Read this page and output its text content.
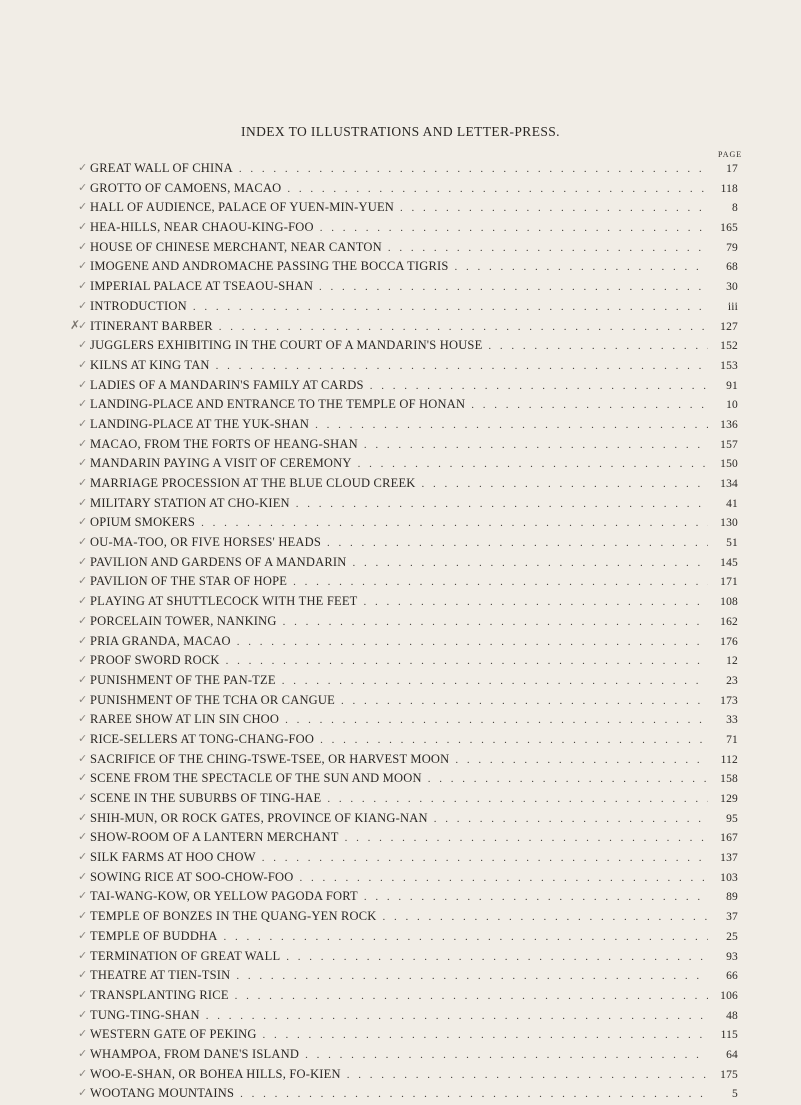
INDEX TO ILLUSTRATIONS AND LETTER-PRESS.
PAGE
✗
✓ GREAT WALL OF CHINA . . .	17
✓ GROTTO OF CAMOENS, MACAO . . .	118
✓ HALL OF AUDIENCE, PALACE OF YUEN-MIN-YUEN . . .	8
✓ HEA-HILLS, NEAR CHAOU-KING-FOO . . .	165
✓ HOUSE OF CHINESE MERCHANT, NEAR CANTON . . .	79
✓ IMOGENE AND ANDROMACHE PASSING THE BOCCA TIGRIS . . .	68
✓ IMPERIAL PALACE AT TSEAOU-SHAN . . .	30
✓ INTRODUCTION . . .	iii
✓ ITINERANT BARBER . . .	127
✓ JUGGLERS EXHIBITING IN THE COURT OF A MANDARIN'S HOUSE . . .	152
✓ KILNS AT KING TAN . . .	153
✓ LADIES OF A MANDARIN'S FAMILY AT CARDS . . .	91
✓ LANDING-PLACE AND ENTRANCE TO THE TEMPLE OF HONAN . . .	10
✓ LANDING-PLACE AT THE YUK-SHAN . . .	136
✓ MACAO, FROM THE FORTS OF HEANG-SHAN . . .	157
✓ MANDARIN PAYING A VISIT OF CEREMONY . . .	150
✓ MARRIAGE PROCESSION AT THE BLUE CLOUD CREEK . . .	134
✓ MILITARY STATION AT CHO-KIEN . . .	41
✓ OPIUM SMOKERS . . .	130
✓ OU-MA-TOO, OR FIVE HORSES' HEADS . . .	51
✓ PAVILION AND GARDENS OF A MANDARIN . . .	145
✓ PAVILION OF THE STAR OF HOPE . . .	171
✓ PLAYING AT SHUTTLECOCK WITH THE FEET . . .	108
✓ PORCELAIN TOWER, NANKING . . .	162
✓ PRIA GRANDA, MACAO . . .	176
✓ PROOF SWORD ROCK . . .	12
✓ PUNISHMENT OF THE PAN-TZE . . .	23
✓ PUNISHMENT OF THE TCHA OR CANGUE . . .	173
✓ RAREE SHOW AT LIN SIN CHOO . . .	33
✓ RICE-SELLERS AT TONG-CHANG-FOO . . .	71
✓ SACRIFICE OF THE CHING-TSWE-TSEE, OR HARVEST MOON . . .	112
✓ SCENE FROM THE SPECTACLE OF THE SUN AND MOON . . .	158
✓ SCENE IN THE SUBURBS OF TING-HAE . . .	129
✓ SHIH-MUN, OR ROCK GATES, PROVINCE OF KIANG-NAN . . .	95
✓ SHOW-ROOM OF A LANTERN MERCHANT . . .	167
✓ SILK FARMS AT HOO CHOW . . .	137
✓ SOWING RICE AT SOO-CHOW-FOO . . .	103
✓ TAI-WANG-KOW, OR YELLOW PAGODA FORT . . .	89
✓ TEMPLE OF BONZES IN THE QUANG-YEN ROCK . . .	37
✓ TEMPLE OF BUDDHA . . .	25
✓ TERMINATION OF GREAT WALL . . .	93
✓ THEATRE AT TIEN-TSIN . . .	66
✓ TRANSPLANTING RICE . . .	106
✓ TUNG-TING-SHAN . . .	48
✓ WESTERN GATE OF PEKING . . .	115
✓ WHAMPOA, FROM DANE'S ISLAND . . .	64
✓ WOO-E-SHAN, OR BOHEA HILLS, FO-KIEN . . .	175
✓ WOOTANG MOUNTAINS . . .	5
